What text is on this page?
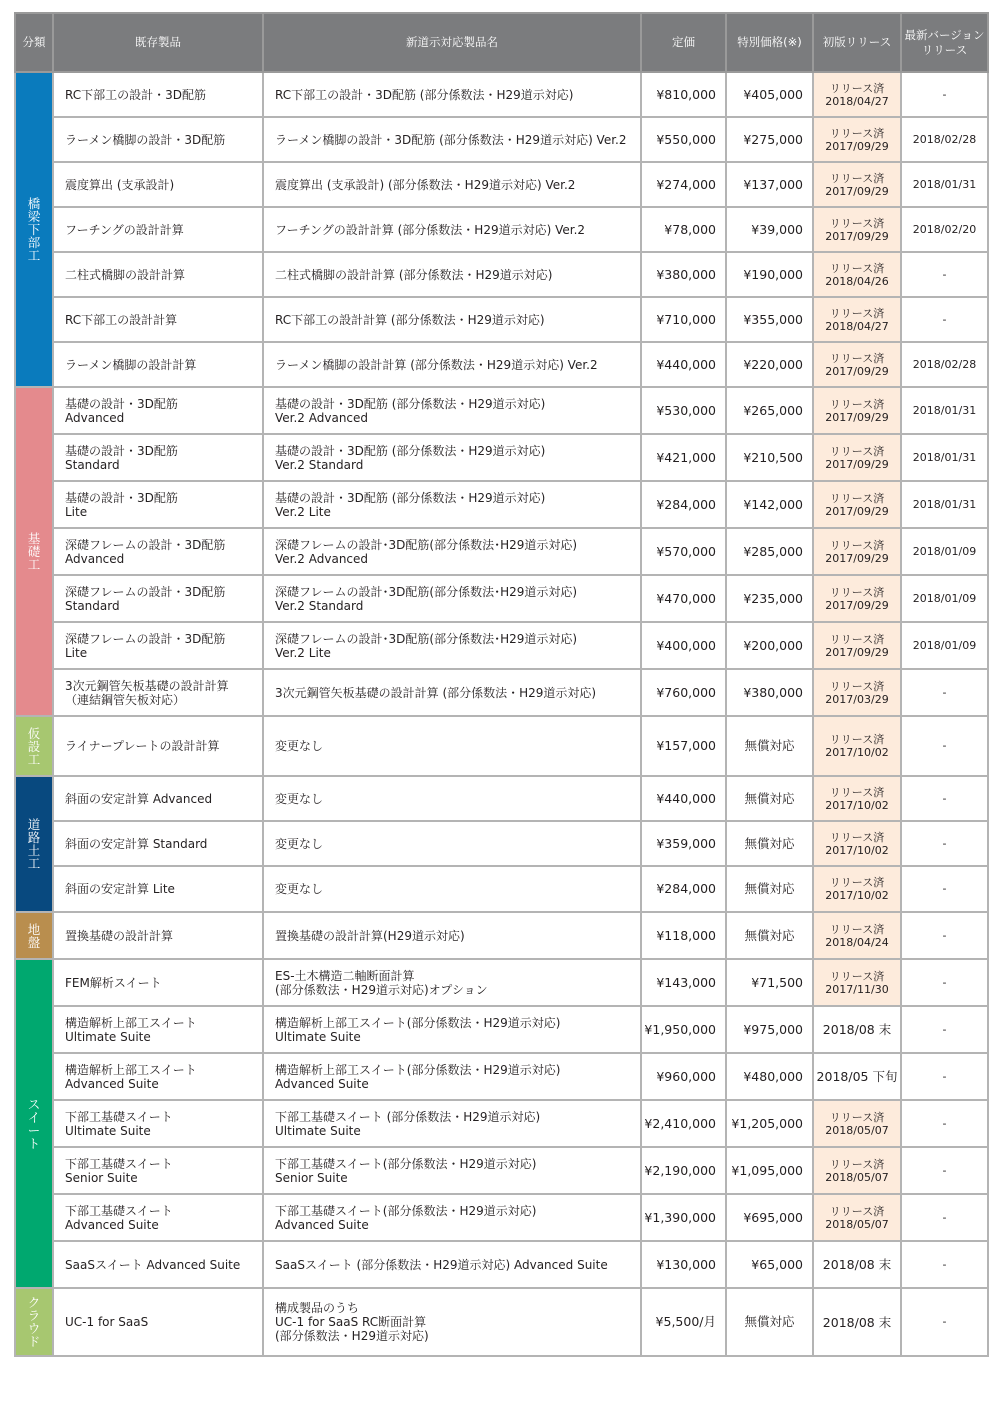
分類	既存製品	新道示対応製品名	定価	特別価格(※)	初版リリース	最新バージョン
リリース
橋梁下部工	RC下部工の設計・3D配筋	RC下部工の設計・3D配筋 (部分係数法・H29道示対応)	¥810,000	¥405,000	リリース済
2018/04/27	-
	ラーメン橋脚の設計・3D配筋	ラーメン橋脚の設計・3D配筋 (部分係数法・H29道示対応) Ver.2	¥550,000	¥275,000	リリース済
2017/09/29	2018/02/28
	震度算出 (支承設計)	震度算出 (支承設計) (部分係数法・H29道示対応) Ver.2	¥274,000	¥137,000	リリース済
2017/09/29	2018/01/31
	フーチングの設計計算	フーチングの設計計算 (部分係数法・H29道示対応) Ver.2	¥78,000	¥39,000	リリース済
2017/09/29	2018/02/20
	二柱式橋脚の設計計算	二柱式橋脚の設計計算 (部分係数法・H29道示対応)	¥380,000	¥190,000	リリース済
2018/04/26	-
	RC下部工の設計計算	RC下部工の設計計算 (部分係数法・H29道示対応)	¥710,000	¥355,000	リリース済
2018/04/27	-
	ラーメン橋脚の設計計算	ラーメン橋脚の設計計算 (部分係数法・H29道示対応) Ver.2	¥440,000	¥220,000	リリース済
2017/09/29	2018/02/28
基礎工	基礎の設計・3D配筋
Advanced	基礎の設計・3D配筋 (部分係数法・H29道示対応)
Ver.2 Advanced	¥530,000	¥265,000	リリース済
2017/09/29	2018/01/31
	基礎の設計・3D配筋
Standard	基礎の設計・3D配筋 (部分係数法・H29道示対応)
Ver.2 Standard	¥421,000	¥210,500	リリース済
2017/09/29	2018/01/31
	基礎の設計・3D配筋
Lite	基礎の設計・3D配筋 (部分係数法・H29道示対応)
Ver.2 Lite	¥284,000	¥142,000	リリース済
2017/09/29	2018/01/31
	深礎フレームの設計・3D配筋
Advanced	深礎フレームの設計･3D配筋(部分係数法･H29道示対応)
Ver.2 Advanced	¥570,000	¥285,000	リリース済
2017/09/29	2018/01/09
	深礎フレームの設計・3D配筋
Standard	深礎フレームの設計･3D配筋(部分係数法･H29道示対応)
Ver.2 Standard	¥470,000	¥235,000	リリース済
2017/09/29	2018/01/09
	深礎フレームの設計・3D配筋
Lite	深礎フレームの設計･3D配筋(部分係数法･H29道示対応)
Ver.2 Lite	¥400,000	¥200,000	リリース済
2017/09/29	2018/01/09
	3次元鋼管矢板基礎の設計計算
（連結鋼管矢板対応）	3次元鋼管矢板基礎の設計計算 (部分係数法・H29道示対応)	¥760,000	¥380,000	リリース済
2017/03/29	-
仮設工	ライナープレートの設計計算	変更なし	¥157,000	無償対応	リリース済
2017/10/02	-
道路土工	斜面の安定計算 Advanced	変更なし	¥440,000	無償対応	リリース済
2017/10/02	-
	斜面の安定計算 Standard	変更なし	¥359,000	無償対応	リリース済
2017/10/02	-
	斜面の安定計算 Lite	変更なし	¥284,000	無償対応	リリース済
2017/10/02	-
地盤	置換基礎の設計計算	置換基礎の設計計算(H29道示対応)	¥118,000	無償対応	リリース済
2018/04/24	-
スイート	FEM解析スイート	ES-土木構造二軸断面計算
(部分係数法・H29道示対応)オプション	¥143,000	¥71,500	リリース済
2017/11/30	-
	構造解析上部工スイート
Ultimate Suite	構造解析上部工スイート(部分係数法・H29道示対応)
Ultimate Suite	¥1,950,000	¥975,000	2018/08 末	-
	構造解析上部工スイート
Advanced Suite	構造解析上部工スイート(部分係数法・H29道示対応)
Advanced Suite	¥960,000	¥480,000	2018/05 下旬	-
	下部工基礎スイート
Ultimate Suite	下部工基礎スイート (部分係数法・H29道示対応)
Ultimate Suite	¥2,410,000	¥1,205,000	リリース済
2018/05/07	-
	下部工基礎スイート
Senior Suite	下部工基礎スイート(部分係数法・H29道示対応)
Senior Suite	¥2,190,000	¥1,095,000	リリース済
2018/05/07	-
	下部工基礎スイート
Advanced Suite	下部工基礎スイート(部分係数法・H29道示対応)
Advanced Suite	¥1,390,000	¥695,000	リリース済
2018/05/07	-
	SaaSスイート Advanced Suite	SaaSスイート (部分係数法・H29道示対応) Advanced Suite	¥130,000	¥65,000	2018/08 末	-
クラウド	UC-1 for SaaS	構成製品のうち
UC-1 for SaaS RC断面計算
(部分係数法・H29道示対応)	¥5,500/月	無償対応	2018/08 末	-
